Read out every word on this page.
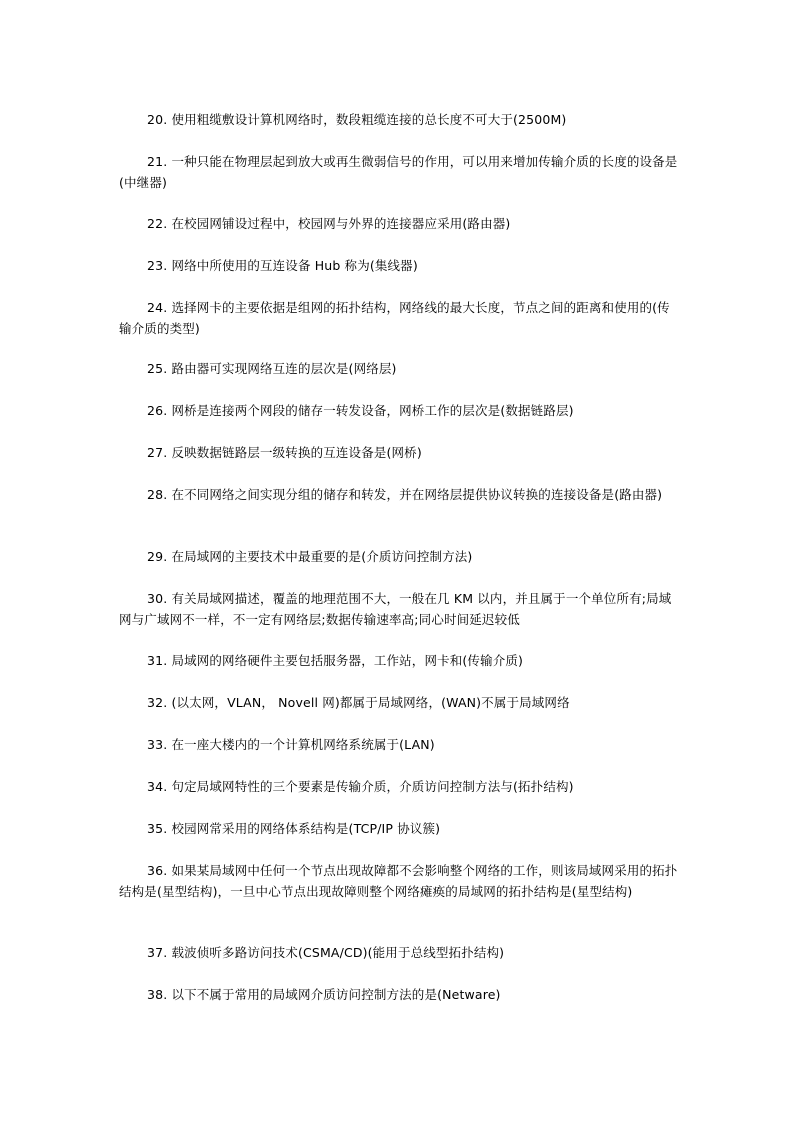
20. 使用粗缆敷设计算机网络时，数段粗缆连接的总长度不可大于(2500M)

21. 一种只能在物理层起到放大或再生微弱信号的作用，可以用来增加传输介质的长度的设备是(中继器)

22. 在校园网铺设过程中，校园网与外界的连接器应采用(路由器)

23. 网络中所使用的互连设备 Hub 称为(集线器)

24. 选择网卡的主要依据是组网的拓扑结构，网络线的最大长度，节点之间的距离和使用的(传输介质的类型)

25. 路由器可实现网络互连的层次是(网络层)

26. 网桥是连接两个网段的储存一转发设备，网桥工作的层次是(数据链路层)

27. 反映数据链路层一级转换的互连设备是(网桥)

28. 在不同网络之间实现分组的储存和转发，并在网络层提供协议转换的连接设备是(路由器)

29. 在局域网的主要技术中最重要的是(介质访问控制方法)

30. 有关局域网描述，覆盖的地理范围不大，一般在几 KM 以内，并且属于一个单位所有;局域网与广域网不一样，不一定有网络层;数据传输速率高;同心时间延迟较低

31. 局域网的网络硬件主要包括服务器，工作站，网卡和(传输介质)

32. (以太网，VLAN， Novell 网)都属于局域网络，(WAN)不属于局域网络

33. 在一座大楼内的一个计算机网络系统属于(LAN)

34. 句定局域网特性的三个要素是传输介质，介质访问控制方法与(拓扑结构)

35. 校园网常采用的网络体系结构是(TCP/IP 协议簇)

36. 如果某局域网中任何一个节点出现故障都不会影响整个网络的工作，则该局域网采用的拓扑结构是(星型结构)，一旦中心节点出现故障则整个网络瘫痪的局域网的拓扑结构是(星型结构)

37. 载波侦听多路访问技术(CSMA/CD)(能用于总线型拓扑结构)

38. 以下不属于常用的局域网介质访问控制方法的是(Netware)
